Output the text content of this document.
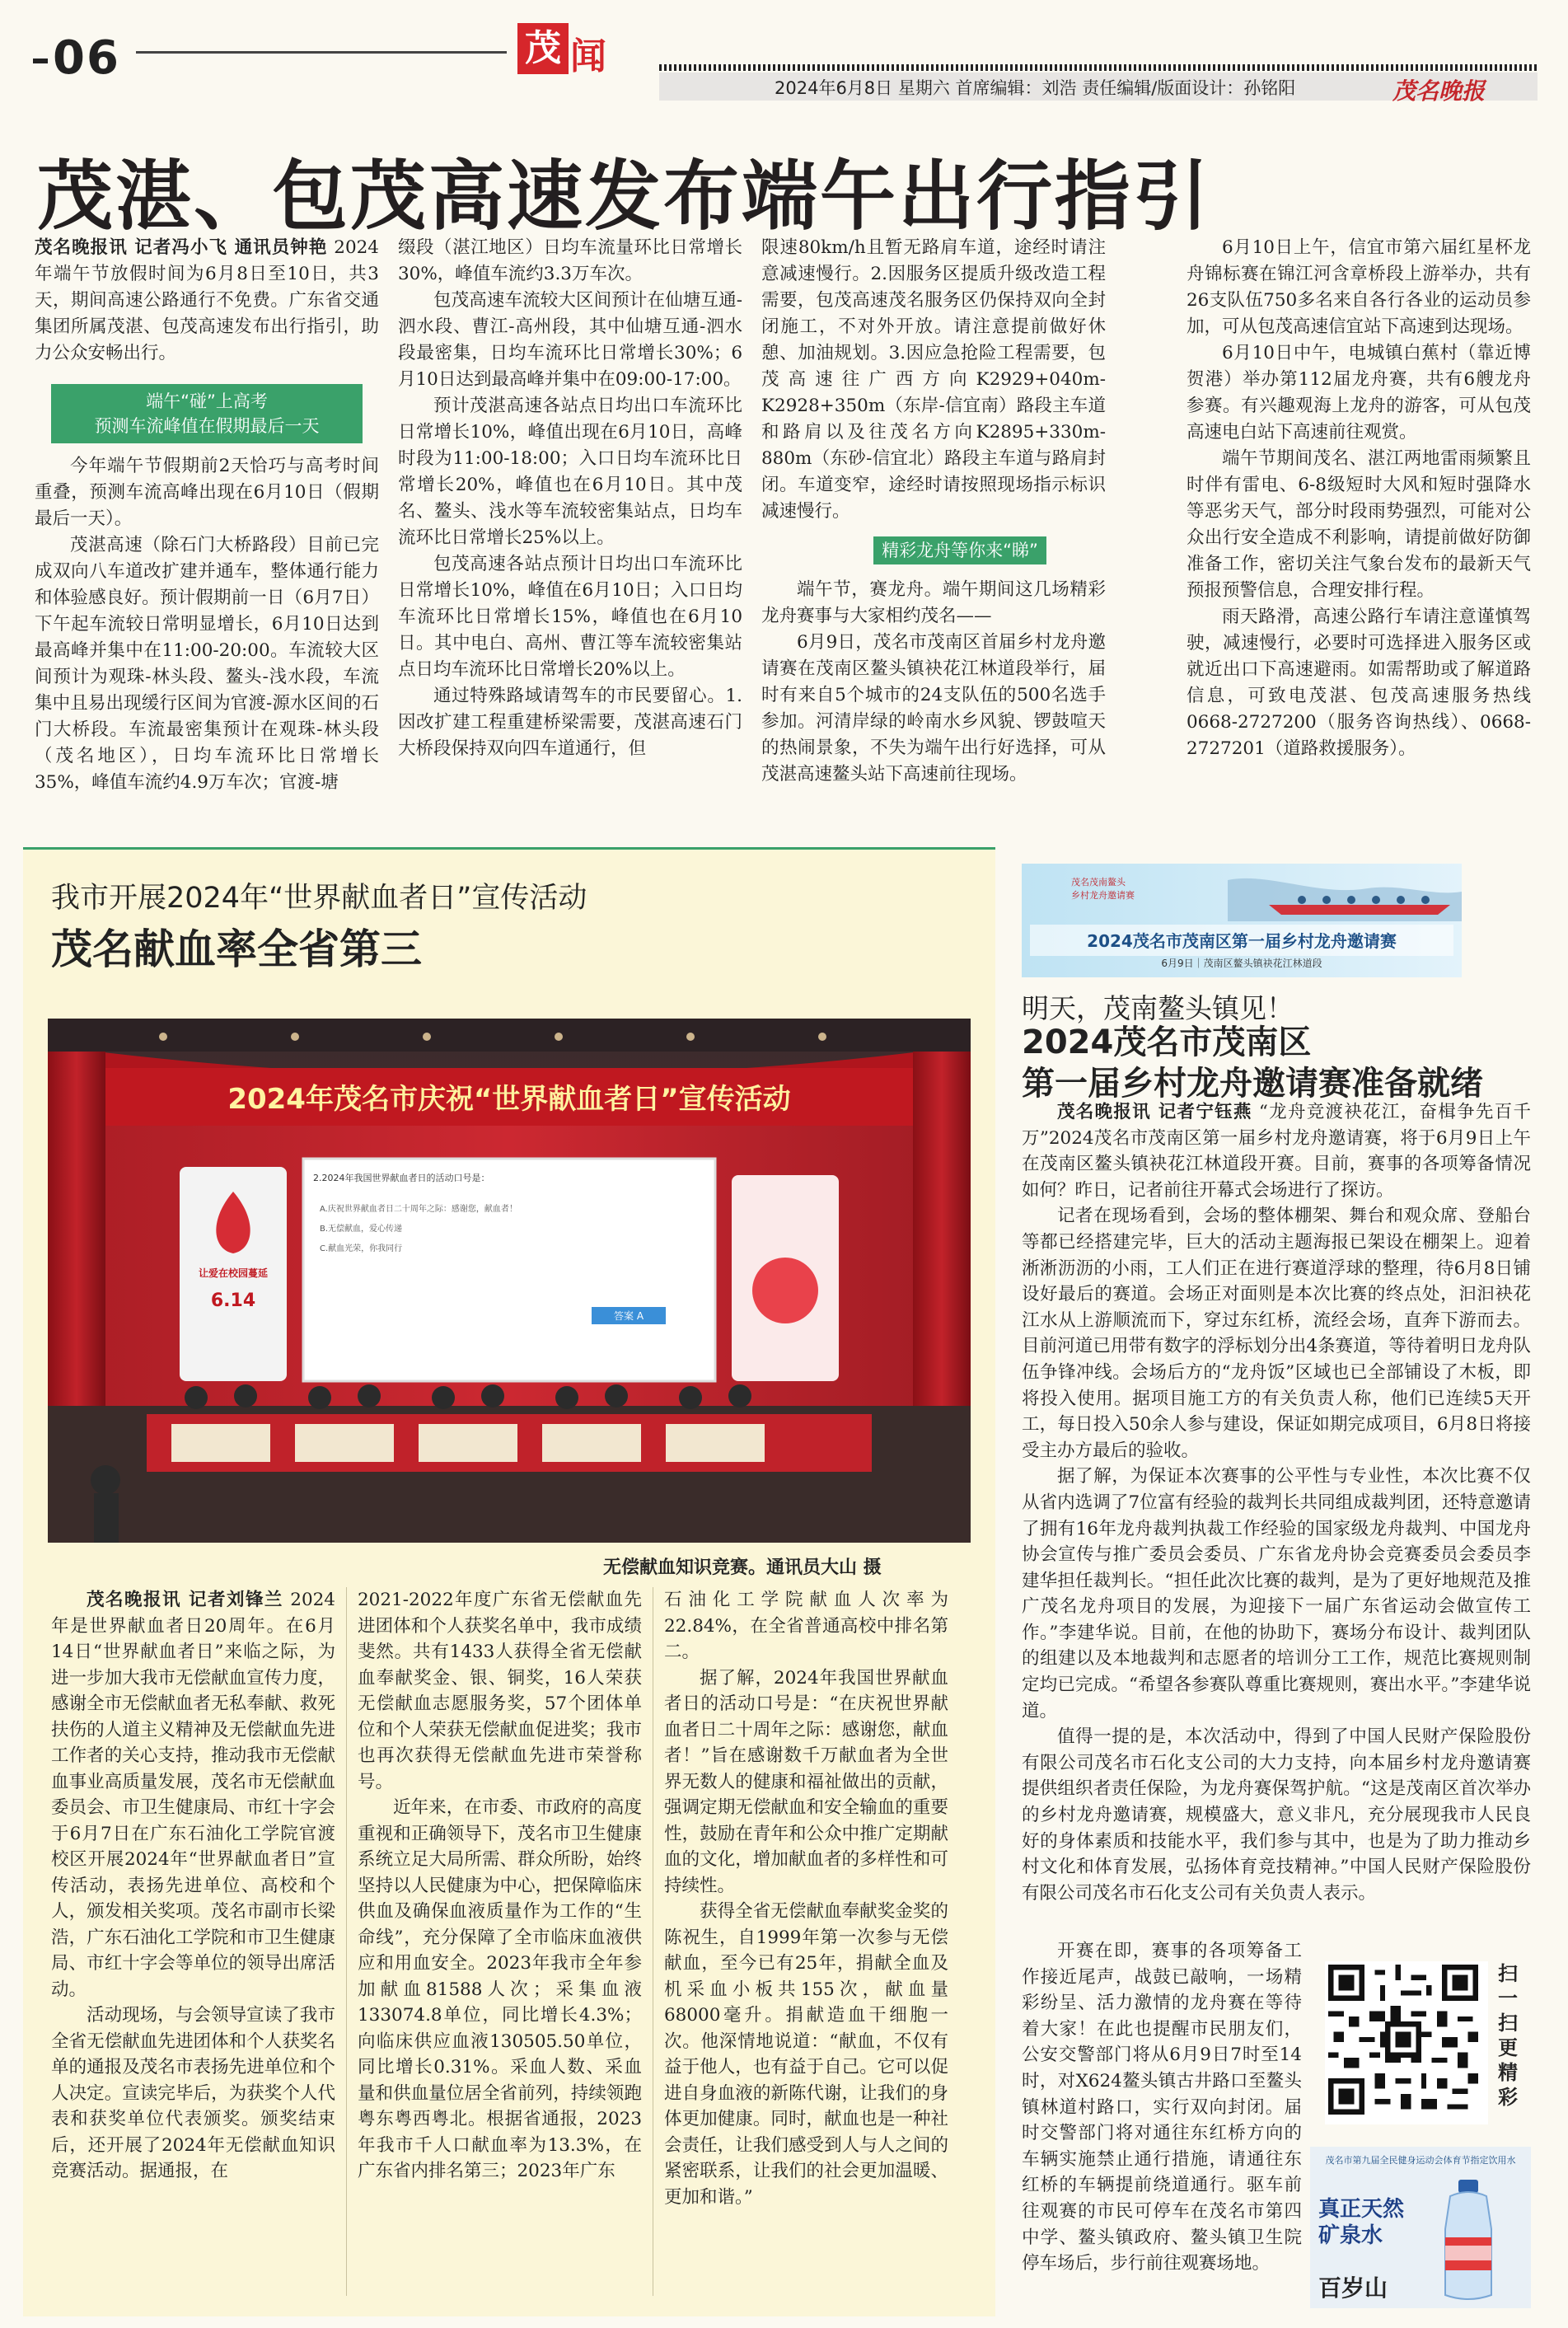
06	茂 闻
2024年6月8日 星期六 首席编辑：刘浩 责任编辑/版面设计：孙铭阳	茂名晚报
茂湛、包茂高速发布端午出行指引

茂名晚报讯 记者冯小飞 通讯员钟艳 2024年端午节放假时间为6月8日至10日，共3天，期间高速公路通行不免费。广东省交通集团所属茂湛、包茂高速发布出行指引，助力公众安畅出行。

端午“碰”上高考
预测车流峰值在假期最后一天

今年端午节假期前2天恰巧与高考时间重叠，预测车流高峰出现在6月10日（假期最后一天）。

茂湛高速（除石门大桥路段）目前已完成双向八车道改扩建并通车，整体通行能力和体验感良好。预计假期前一日（6月7日）下午起车流较日常明显增长，6月10日达到最高峰并集中在11:00-20:00。车流较大区间预计为观珠-林头段、鳌头-浅水段，车流集中且易出现缓行区间为官渡-源水区间的石门大桥段。车流最密集预计在观珠-林头段（茂名地区），日均车流环比日常增长35%，峰值车流约4.9万车次；官渡-塘

缀段（湛江地区）日均车流量环比日常增长30%，峰值车流约3.3万车次。

包茂高速车流较大区间预计在仙塘互通-泗水段、曹江-高州段，其中仙塘互通-泗水段最密集，日均车流环比日常增长30%；6月10日达到最高峰并集中在09:00-17:00。

预计茂湛高速各站点日均出口车流环比日常增长10%，峰值出现在6月10日，高峰时段为11:00-18:00；入口日均车流环比日常增长20%，峰值也在6月10日。其中茂名、鳌头、浅水等车流较密集站点，日均车流环比日常增长25%以上。

包茂高速各站点预计日均出口车流环比日常增长10%，峰值在6月10日；入口日均车流环比日常增长15%，峰值也在6月10日。其中电白、高州、曹江等车流较密集站点日均车流环比日常增长20%以上。

通过特殊路域请驾车的市民要留心。1.因改扩建工程重建桥梁需要，茂湛高速石门大桥段保持双向四车道通行，但

限速80km/h且暂无路肩车道，途经时请注意减速慢行。2.因服务区提质升级改造工程需要，包茂高速茂名服务区仍保持双向全封闭施工，不对外开放。请注意提前做好休憩、加油规划。3.因应急抢险工程需要，包茂高速往广西方向K2929+040m-K2928+350m（东岸-信宜南）路段主车道和路肩以及往茂名方向K2895+330m-880m（东砂-信宜北）路段主车道与路肩封闭。车道变窄，途经时请按照现场指示标识减速慢行。

精彩龙舟等你来“睇”

端午节，赛龙舟。端午期间这几场精彩龙舟赛事与大家相约茂名——

6月9日，茂名市茂南区首届乡村龙舟邀请赛在茂南区鳌头镇袂花江林道段举行，届时有来自5个城市的24支队伍的500名选手参加。河清岸绿的岭南水乡风貌、锣鼓喧天的热闹景象，不失为端午出行好选择，可从茂湛高速鳌头站下高速前往现场。

6月10日上午，信宜市第六届红星杯龙舟锦标赛在锦江河含章桥段上游举办，共有26支队伍750多名来自各行各业的运动员参加，可从包茂高速信宜站下高速到达现场。

6月10日中午，电城镇白蕉村（靠近博贺港）举办第112届龙舟赛，共有6艘龙舟参赛。有兴趣观海上龙舟的游客，可从包茂高速电白站下高速前往观赏。

端午节期间茂名、湛江两地雷雨频繁且时伴有雷电、6-8级短时大风和短时强降水等恶劣天气，部分时段雨势强烈，可能对公众出行安全造成不利影响，请提前做好防御准备工作，密切关注气象台发布的最新天气预报预警信息，合理安排行程。

雨天路滑，高速公路行车请注意谨慎驾驶，减速慢行，必要时可选择进入服务区或就近出口下高速避雨。如需帮助或了解道路信息，可致电茂湛、包茂高速服务热线0668-2727200（服务咨询热线）、0668-2727201（道路救援服务）。

我市开展2024年“世界献血者日”宣传活动
茂名献血率全省第三
2024年茂名市庆祝“世界献血者日”宣传活动
2.2024年我国世界献血者日的活动口号是：
A.庆祝世界献血者日二十周年之际：感谢您，献血者！
B.无偿献血，爱心传递
C.献血光荣，你我同行
答案 A
让爱在校园蔓延
6.14
无偿献血知识竞赛。通讯员大山 摄

茂名晚报讯 记者刘锋兰 2024年是世界献血者日20周年。在6月14日“世界献血者日”来临之际，为进一步加大我市无偿献血宣传力度，感谢全市无偿献血者无私奉献、救死扶伤的人道主义精神及无偿献血先进工作者的关心支持，推动我市无偿献血事业高质量发展，茂名市无偿献血委员会、市卫生健康局、市红十字会于6月7日在广东石油化工学院官渡校区开展2024年“世界献血者日”宣传活动，表扬先进单位、高校和个人，颁发相关奖项。茂名市副市长梁浩，广东石油化工学院和市卫生健康局、市红十字会等单位的领导出席活动。

活动现场，与会领导宣读了我市全省无偿献血先进团体和个人获奖名单的通报及茂名市表扬先进单位和个人决定。宣读完毕后，为获奖个人代表和获奖单位代表颁奖。颁奖结束后，还开展了2024年无偿献血知识竞赛活动。据通报，在

2021-2022年度广东省无偿献血先进团体和个人获奖名单中，我市成绩斐然。共有1433人获得全省无偿献血奉献奖金、银、铜奖，16人荣获无偿献血志愿服务奖，57个团体单位和个人荣获无偿献血促进奖；我市也再次获得无偿献血先进市荣誉称号。

近年来，在市委、市政府的高度重视和正确领导下，茂名市卫生健康系统立足大局所需、群众所盼，始终坚持以人民健康为中心，把保障临床供血及确保血液质量作为工作的“生命线”，充分保障了全市临床血液供应和用血安全。2023年我市全年参加献血81588人次；采集血液133074.8单位，同比增长4.3%；向临床供应血液130505.50单位，同比增长0.31%。采血人数、采血量和供血量位居全省前列，持续领跑粤东粤西粤北。根据省通报，2023年我市千人口献血率为13.3%，在广东省内排名第三；2023年广东

石油化工学院献血人次率为22.84%，在全省普通高校中排名第二。

据了解，2024年我国世界献血者日的活动口号是：“在庆祝世界献血者日二十周年之际：感谢您，献血者！”旨在感谢数千万献血者为全世界无数人的健康和福祉做出的贡献，强调定期无偿献血和安全输血的重要性，鼓励在青年和公众中推广定期献血的文化，增加献血者的多样性和可持续性。

获得全省无偿献血奉献奖金奖的陈祝生，自1999年第一次参与无偿献血，至今已有25年，捐献全血及机采血小板共155次，献血量68000毫升。捐献造血干细胞一次。他深情地说道：“献血，不仅有益于他人，也有益于自己。它可以促进自身血液的新陈代谢，让我们的身体更加健康。同时，献血也是一种社会责任，让我们感受到人与人之间的紧密联系，让我们的社会更加温暖、更加和谐。”

茂名茂南鳌头
乡村龙舟邀请赛
2024茂名市茂南区第一届乡村龙舟邀请赛
6月9日｜茂南区鳌头镇袂花江林道段
明天，茂南鳌头镇见！
2024茂名市茂南区
第一届乡村龙舟邀请赛准备就绪

茂名晚报讯 记者宁钰燕 “龙舟竞渡袂花江，奋楫争先百千万”2024茂名市茂南区第一届乡村龙舟邀请赛，将于6月9日上午在茂南区鳌头镇袂花江林道段开赛。目前，赛事的各项筹备情况如何？昨日，记者前往开幕式会场进行了探访。

记者在现场看到，会场的整体棚架、舞台和观众席、登船台等都已经搭建完毕，巨大的活动主题海报已架设在棚架上。迎着淅淅沥沥的小雨，工人们正在进行赛道浮球的整理，待6月8日铺设好最后的赛道。会场正对面则是本次比赛的终点处，汩汩袂花江水从上游顺流而下，穿过东红桥，流经会场，直奔下游而去。目前河道已用带有数字的浮标划分出4条赛道，等待着明日龙舟队伍争锋冲线。会场后方的“龙舟饭”区域也已全部铺设了木板，即将投入使用。据项目施工方的有关负责人称，他们已连续5天开工，每日投入50余人参与建设，保证如期完成项目，6月8日将接受主办方最后的验收。

据了解，为保证本次赛事的公平性与专业性，本次比赛不仅从省内选调了7位富有经验的裁判长共同组成裁判团，还特意邀请了拥有16年龙舟裁判执裁工作经验的国家级龙舟裁判、中国龙舟协会宣传与推广委员会委员、广东省龙舟协会竞赛委员会委员李建华担任裁判长。“担任此次比赛的裁判，是为了更好地规范及推广茂名龙舟项目的发展，为迎接下一届广东省运动会做宣传工作。”李建华说。目前，在他的协助下，赛场分布设计、裁判团队的组建以及本地裁判和志愿者的培训分工工作，规范比赛规则制定均已完成。“希望各参赛队尊重比赛规则，赛出水平。”李建华说道。

值得一提的是，本次活动中，得到了中国人民财产保险股份有限公司茂名市石化支公司的大力支持，向本届乡村龙舟邀请赛提供组织者责任保险，为龙舟赛保驾护航。“这是茂南区首次举办的乡村龙舟邀请赛，规模盛大，意义非凡，充分展现我市人民良好的身体素质和技能水平，我们参与其中，也是为了助力推动乡村文化和体育发展，弘扬体育竞技精神。”中国人民财产保险股份有限公司茂名市石化支公司有关负责人表示。

开赛在即，赛事的各项筹备工作接近尾声，战鼓已敲响，一场精彩纷呈、活力激情的龙舟赛在等待着大家！在此也提醒市民朋友们，公安交警部门将从6月9日7时至14时，对X624鳌头镇古井路口至鳌头镇林道村路口，实行双向封闭。届时交警部门将对通往东红桥方向的车辆实施禁止通行措施，请通往东红桥的车辆提前绕道通行。驱车前往观赛的市民可停车在茂名市第四中学、鳌头镇政府、鳌头镇卫生院停车场后，步行前往观赛场地。

扫一扫更精彩
茂名市第九届全民健身运动会体育节指定饮用水
真正天然矿泉水
百岁山
